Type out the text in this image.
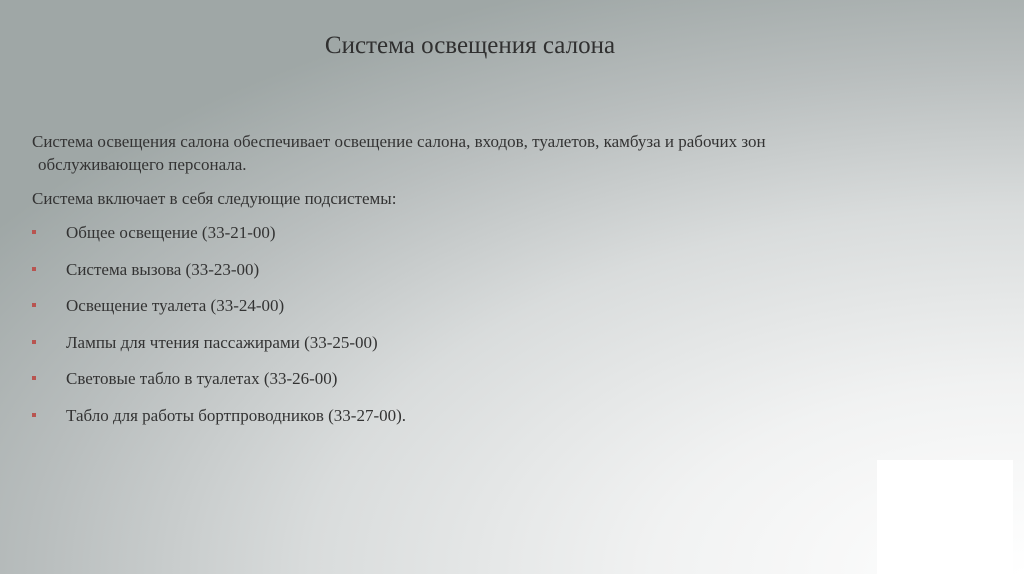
Система освещения салона

Система освещения салона обеспечивает освещение салона, входов, туалетов, камбуза и рабочих зон
обслуживающего персонала.

Система включает в себя следующие подсистемы:

Общее освещение (33-21-00)
Система вызова (33-23-00)
Освещение туалета (33-24-00)
Лампы для чтения пассажирами (33-25-00)
Световые табло в туалетах (33-26-00)
Табло для работы бортпроводников (33-27-00).
